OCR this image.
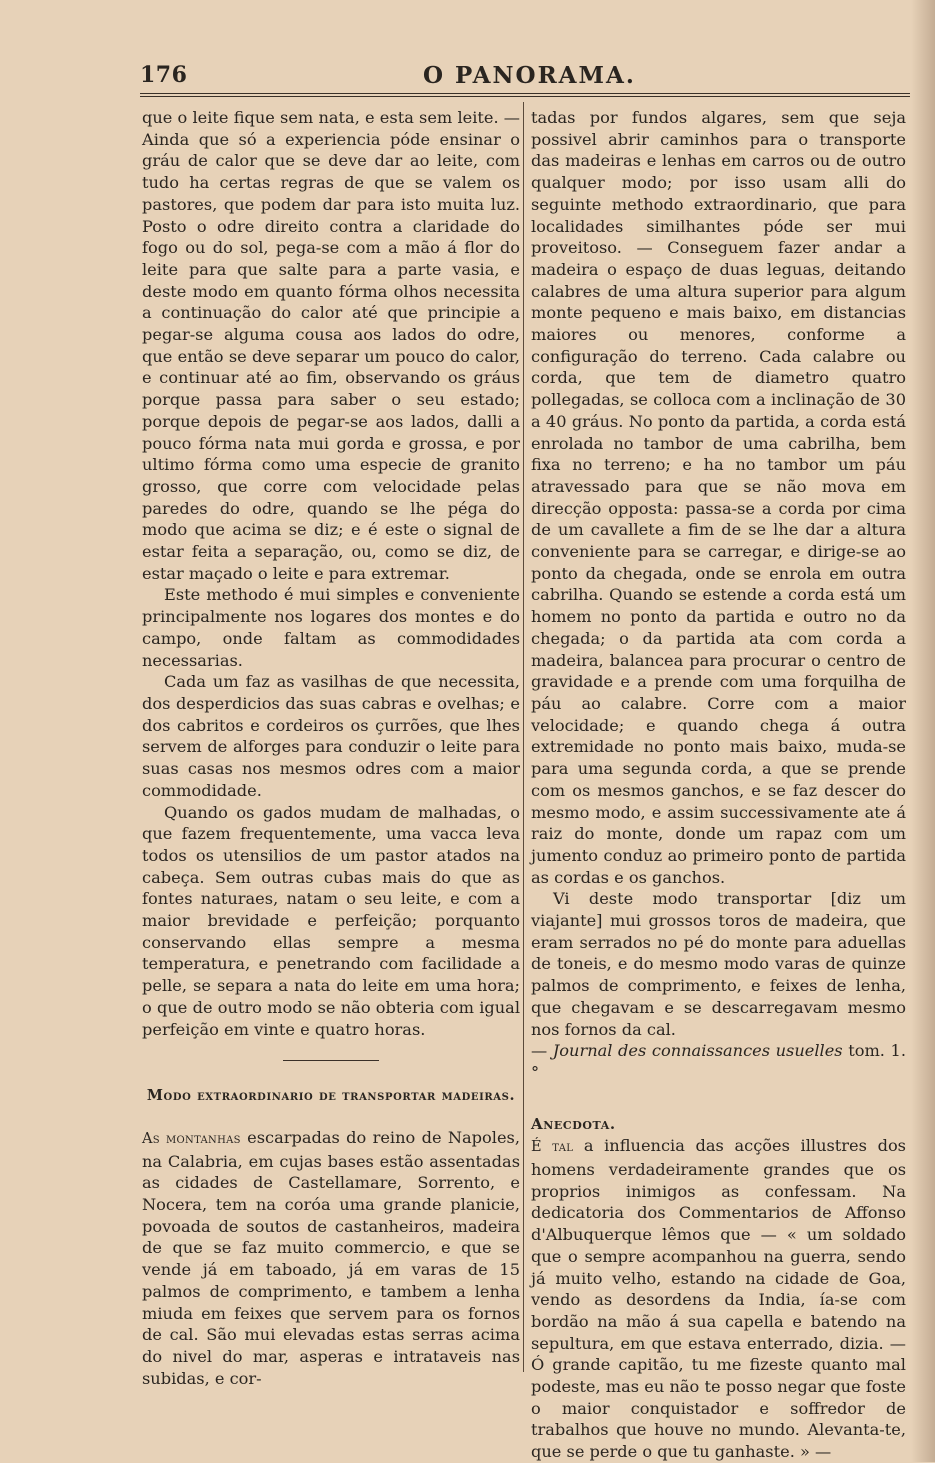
176	O PANORAMA.

que o leite fique sem nata, e esta sem leite. — Ainda que só a experiencia póde ensinar o gráu de calor que se deve dar ao leite, com tudo ha certas regras de que se valem os pastores, que podem dar para isto muita luz. Posto o odre direito contra a claridade do fogo ou do sol, pega-se com a mão á flor do leite para que salte para a parte vasia, e deste modo em quanto fórma olhos necessita a continuação do calor até que principie a pegar-se alguma cousa aos lados do odre, que então se deve separar um pouco do calor, e continuar até ao fim, observando os gráus porque passa para saber o seu estado; porque depois de pegar-se aos lados, dalli a pouco fórma nata mui gorda e grossa, e por ultimo fórma como uma especie de granito grosso, que corre com velocidade pelas paredes do odre, quando se lhe péga do modo que acima se diz; e é este o signal de estar feita a separação, ou, como se diz, de estar maçado o leite e para extremar.

Este methodo é mui simples e conveniente principalmente nos logares dos montes e do campo, onde faltam as commodidades necessarias.

Cada um faz as vasilhas de que necessita, dos desperdicios das suas cabras e ovelhas; e dos cabritos e cordeiros os çurrões, que lhes servem de alforges para conduzir o leite para suas casas nos mesmos odres com a maior commodidade.

Quando os gados mudam de malhadas, o que fazem frequentemente, uma vacca leva todos os utensilios de um pastor atados na cabeça. Sem outras cubas mais do que as fontes naturaes, natam o seu leite, e com a maior brevidade e perfeição; porquanto conservando ellas sempre a mesma temperatura, e penetrando com facilidade a pelle, se separa a nata do leite em uma hora; o que de outro modo se não obteria com igual perfeição em vinte e quatro horas.

Modo extraordinario de transportar madeiras.

As montanhas escarpadas do reino de Napoles, na Calabria, em cujas bases estão assentadas as cidades de Castellamare, Sorrento, e Nocera, tem na coróa uma grande planicie, povoada de soutos de castanheiros, madeira de que se faz muito commercio, e que se vende já em taboado, já em varas de 15 palmos de comprimento, e tambem a lenha miuda em feixes que servem para os fornos de cal. São mui elevadas estas serras acima do nivel do mar, asperas e intrataveis nas subidas, e cor-

tadas por fundos algares, sem que seja possivel abrir caminhos para o transporte das madeiras e lenhas em carros ou de outro qualquer modo; por isso usam alli do seguinte methodo extraordinario, que para localidades similhantes póde ser mui proveitoso. — Conseguem fazer andar a madeira o espaço de duas leguas, deitando calabres de uma altura superior para algum monte pequeno e mais baixo, em distancias maiores ou menores, conforme a configuração do terreno. Cada calabre ou corda, que tem de diametro quatro pollegadas, se colloca com a inclinação de 30 a 40 gráus. No ponto da partida, a corda está enrolada no tambor de uma cabrilha, bem fixa no terreno; e ha no tambor um páu atravessado para que se não mova em direcção opposta: passa-se a corda por cima de um cavallete a fim de se lhe dar a altura conveniente para se carregar, e dirige-se ao ponto da chegada, onde se enrola em outra cabrilha. Quando se estende a corda está um homem no ponto da partida e outro no da chegada; o da partida ata com corda a madeira, balancea para procurar o centro de gravidade e a prende com uma forquilha de páu ao calabre. Corre com a maior velocidade; e quando chega á outra extremidade no ponto mais baixo, muda-se para uma segunda corda, a que se prende com os mesmos ganchos, e se faz descer do mesmo modo, e assim successivamente ate á raiz do monte, donde um rapaz com um jumento conduz ao primeiro ponto de partida as cordas e os ganchos.

Vi deste modo transportar [diz um viajante] mui grossos toros de madeira, que eram serrados no pé do monte para aduellas de toneis, e do mesmo modo varas de quinze palmos de comprimento, e feixes de lenha, que chegavam e se descarregavam mesmo nos fornos da cal.

— Journal des connaissances usuelles tom. 1.°

Anecdota.

É tal a influencia das acções illustres dos homens verdadeiramente grandes que os proprios inimigos as confessam. Na dedicatoria dos Commentarios de Affonso d'Albuquerque lêmos que — « um soldado que o sempre acompanhou na guerra, sendo já muito velho, estando na cidade de Goa, vendo as desordens da India, ía-se com bordão na mão á sua capella e batendo na sepultura, em que estava enterrado, dizia. — Ó grande capitão, tu me fizeste quanto mal podeste, mas eu não te posso negar que foste o maior conquistador e soffredor de trabalhos que houve no mundo. Alevanta-te, que se perde o que tu ganhaste. » —
